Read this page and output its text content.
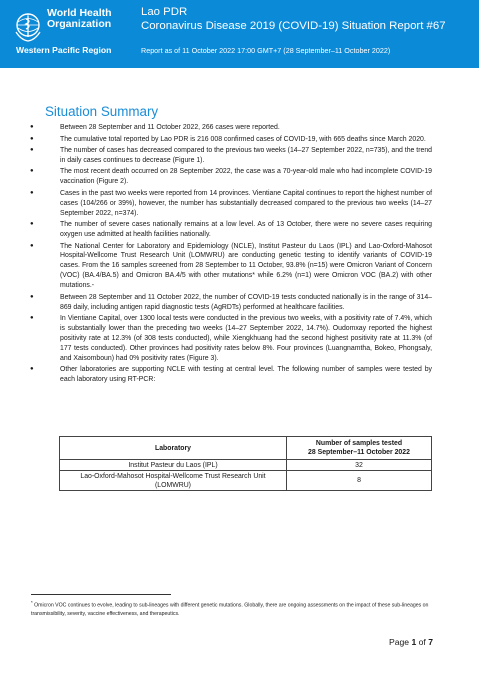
World Health
Organization
Western Pacific Region
Lao PDR
Coronavirus Disease 2019 (COVID-19) Situation Report #67
Report as of 11 October 2022 17:00 GMT+7 (28 September–11 October 2022)
Situation Summary
●	Between 28 September and 11 October 2022, 266 cases were reported.
●	The cumulative total reported by Lao PDR is 216 008 confirmed cases of COVID-19, with 665 deaths since March 2020.
●	The number of cases has decreased compared to the previous two weeks (14–27 September 2022, n=735), and the trend in daily cases continues to decrease (Figure 1).
●	The most recent death occurred on 28 September 2022, the case was a 70-year-old male who had incomplete COVID-19 vaccination (Figure 2).
●	Cases in the past two weeks were reported from 14 provinces. Vientiane Capital continues to report the highest number of cases (104/266 or 39%), however, the number has substantially decreased compared to the previous two weeks (14–27 September 2022, n=374).
●	The number of severe cases nationally remains at a low level. As of 13 October, there were no severe cases requiring oxygen use admitted at health facilities nationally.
●	The National Center for Laboratory and Epidemiology (NCLE), Institut Pasteur du Laos (IPL) and Lao-Oxford-Mahosot Hospital-Wellcome Trust Research Unit (LOMWRU) are conducting genetic testing to identify variants of COVID-19 cases. From the 16 samples screened from 28 September to 11 October, 93.8% (n=15) were Omicron Variant of Concern (VOC) (BA.4/BA.5) and Omicron BA.4/5 with other mutations* while 6.2% (n=1) were Omicron VOC (BA.2) with other mutations.-
●	Between 28 September and 11 October 2022, the number of COVID-19 tests conducted nationally is in the range of 314–869 daily, including antigen rapid diagnostic tests (AgRDTs) performed at healthcare facilities.
●	In Vientiane Capital, over 1300 local tests were conducted in the previous two weeks, with a positivity rate of 7.4%, which is substantially lower than the preceding two weeks (14–27 September 2022, 14.7%). Oudomxay reported the highest positivity rate at 12.3% (of 308 tests conducted), while Xiengkhuang had the second highest positivity rate at 11.3% (of 177 tests conducted). Other provinces had positivity rates below 8%. Four provinces (Luangnamtha, Bokeo, Phongsaly, and Xaisomboun) had 0% positivity rates (Figure 3).
●	Other laboratories are supporting NCLE with testing at central level. The following number of samples were tested by each laboratory using RT-PCR:
Laboratory	Number of samples tested
28 September–11 October 2022

Institut Pasteur du Laos (IPL)	32
Lao-Oxford-Mahosot Hospital-Wellcome Trust Research Unit (LOMWRU)	8
* Omicron VOC continues to evolve, leading to sub-lineages with different genetic mutations. Globally, there are ongoing assessments on the impact of these sub-lineages on transmissibility, severity, vaccine effectiveness, and therapeutics.
Page 1 of 7
